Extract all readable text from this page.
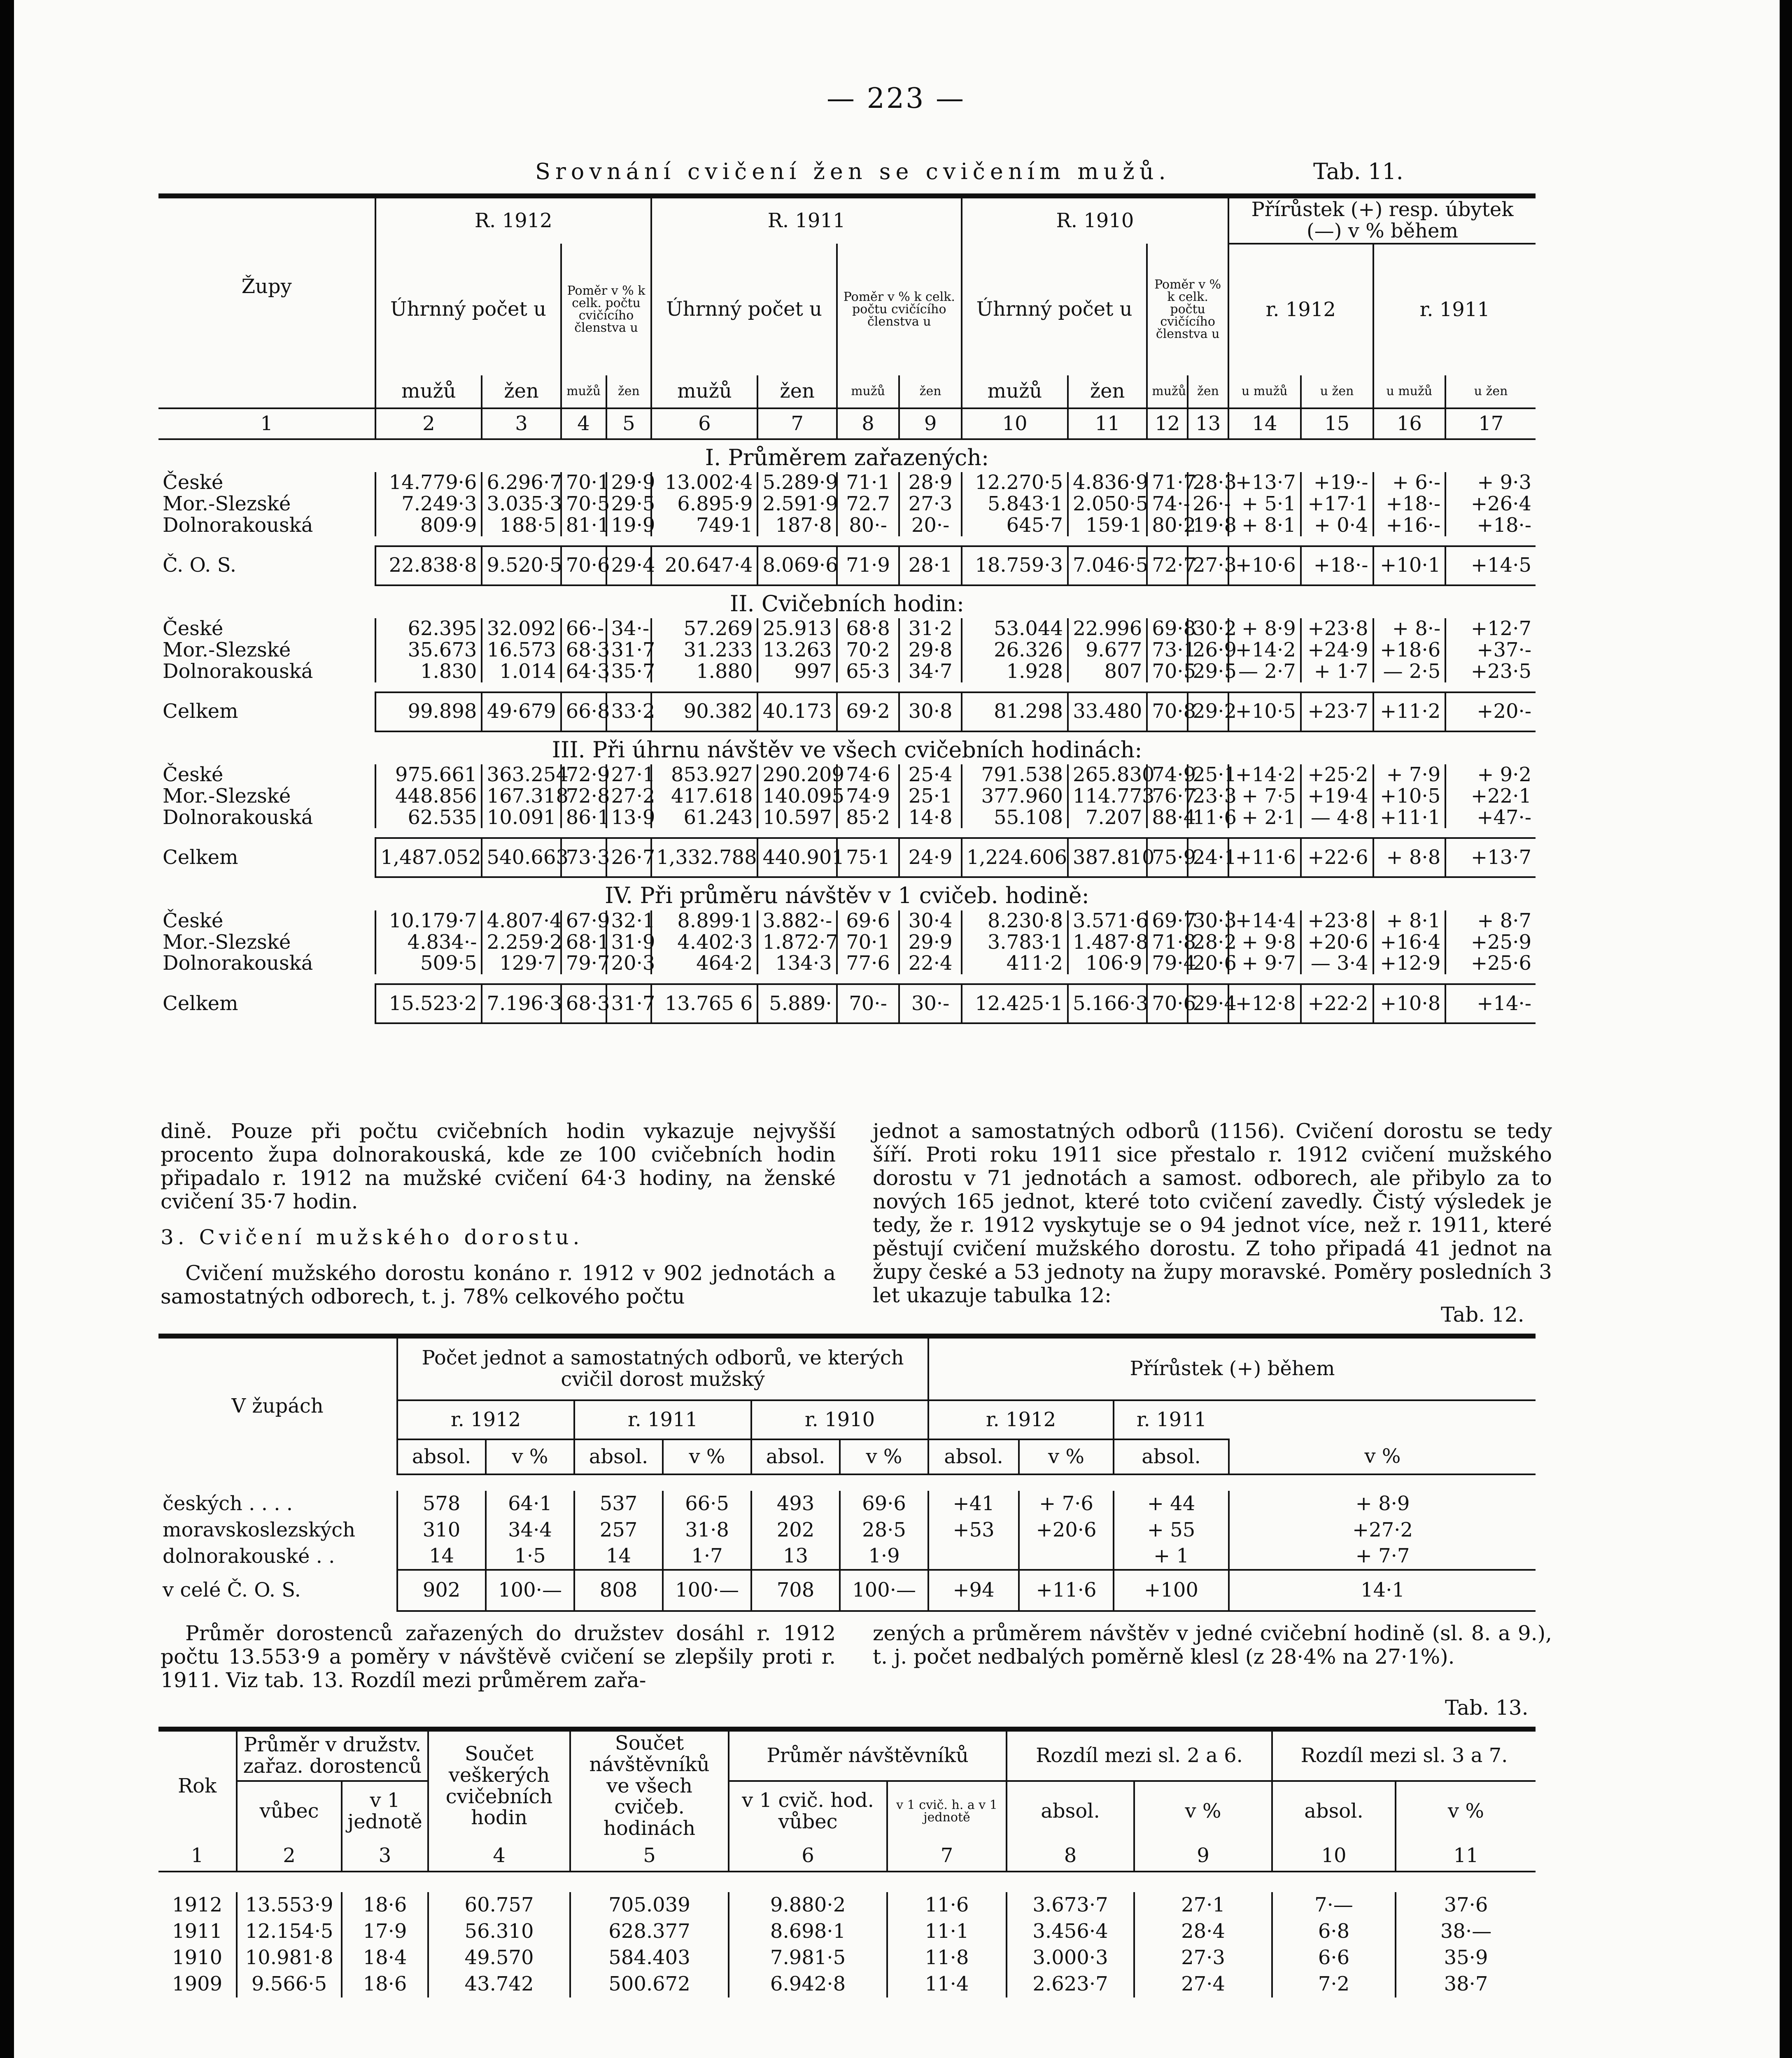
— 223 —
Srovnání cvičení žen se cvičením mužů.	Tab. 11.
Župy	R. 1912				R. 1911				R. 1910				Přírůstek (+) resp. úbytek (—) v % během			
	Úhrnný počet u		Poměr v % k celk. počtu cvičícího členstva u		Úhrnný počet u		Poměr v % k celk. počtu cvičícího členstva u		Úhrnný počet u		Poměr v % k celk. počtu cvičícího členstva u		r. 1912		r. 1911	
	mužů	žen	mužů	žen	mužů	žen	mužů	žen	mužů	žen	mužů	žen	u mužů	u žen	u mužů	u žen
1	2	3	4	5	6	7	8	9	10	11	12	13	14	15	16	17
I. Průměrem zařazených:																
České	14.779·6	6.296·7	70·1	29·9	13.002·4	5.289·9	71·1	28·9	12.270·5	4.836·9	71·7	28·3	+13·7	+19·-	+ 6·-	+ 9·3
Mor.-Slezské	7.249·3	3.035·3	70·5	29·5	6.895·9	2.591·9	72.7	27·3	5.843·1	2.050·5	74·-	26·-	+ 5·1	+17·1	+18·-	+26·4
Dolnorakouská	809·9	188·5	81·1	19·9	749·1	187·8	80·-	20·-	645·7	159·1	80·2	19·8	+ 8·1	+ 0·4	+16·-	+18·-

Č. O. S.	22.838·8	9.520·5	70·6	29·4	20.647·4	8.069·6	71·9	28·1	18.759·3	7.046·5	72·7	27·3	+10·6	+18·-	+10·1	+14·5
II. Cvičebních hodin:																
České	62.395	32.092	66·-	34·-	57.269	25.913	68·8	31·2	53.044	22.996	69·8	30·2	+ 8·9	+23·8	+ 8·-	+12·7
Mor.-Slezské	35.673	16.573	68·3	31·7	31.233	13.263	70·2	29·8	26.326	9.677	73·1	26·9	+14·2	+24·9	+18·6	+37·-
Dolnorakouská	1.830	1.014	64·3	35·7	1.880	997	65·3	34·7	1.928	807	70·5	29·5	— 2·7	+ 1·7	— 2·5	+23·5

Celkem	99.898	49·679	66·8	33·2	90.382	40.173	69·2	30·8	81.298	33.480	70·8	29·2	+10·5	+23·7	+11·2	+20·-
III. Při úhrnu návštěv ve všech cvičebních hodinách:																
České	975.661	363.254	72·9	27·1	853.927	290.209	74·6	25·4	791.538	265.830	74·9	25·1	+14·2	+25·2	+ 7·9	+ 9·2
Mor.-Slezské	448.856	167.318	72·8	27·2	417.618	140.095	74·9	25·1	377.960	114.773	76·7	23·3	+ 7·5	+19·4	+10·5	+22·1
Dolnorakouská	62.535	10.091	86·1	13·9	61.243	10.597	85·2	14·8	55.108	7.207	88·4	11·6	+ 2·1	— 4·8	+11·1	+47·-

Celkem	1,487.052	540.663	73·3	26·7	1,332.788	440.901	75·1	24·9	1,224.606	387.810	75·9	24·1	+11·6	+22·6	+ 8·8	+13·7
IV. Při průměru návštěv v 1 cvičeb. hodině:																
České	10.179·7	4.807·4	67·9	32·1	8.899·1	3.882·-	69·6	30·4	8.230·8	3.571·6	69·7	30·3	+14·4	+23·8	+ 8·1	+ 8·7
Mor.-Slezské	4.834·-	2.259·2	68·1	31·9	4.402·3	1.872·7	70·1	29·9	3.783·1	1.487·8	71·8	28·2	+ 9·8	+20·6	+16·4	+25·9
Dolnorakouská	509·5	129·7	79·7	20·3	464·2	134·3	77·6	22·4	411·2	106·9	79·4	20·6	+ 9·7	— 3·4	+12·9	+25·6

Celkem	15.523·2	7.196·3	68·3	31·7	13.765 6	5.889·	70·-	30·-	12.425·1	5.166·3	70·6	29·4	+12·8	+22·2	+10·8	+14·-

dině. Pouze při počtu cvičebních hodin vykazuje nejvyšší procento župa dolnorakouská, kde ze 100 cvičebních hodin připadalo r. 1912 na mužské cvičení 64·3 hodiny, na ženské cvičení 35·7 hodin.

3. Cvičení mužského dorostu.

Cvičení mužského dorostu konáno r. 1912 v 902 jednotách a samostatných odborech, t. j. 78% celkového počtu

jednot a samostatných odborů (1156). Cvičení dorostu se tedy šíří. Proti roku 1911 sice přestalo r. 1912 cvičení mužského dorostu v 71 jednotách a samost. odborech, ale přibylo za to nových 165 jednot, které toto cvičení zavedly. Čistý výsledek je tedy, že r. 1912 vyskytuje se o 94 jednot více, než r. 1911, které pěstují cvičení mužského dorostu. Z toho připadá 41 jednot na župy české a 53 jednoty na župy moravské. Poměry posledních 3 let ukazuje tabulka 12:

Tab. 12.
V župách	Počet jednot a samostatných odborů, ve kterých cvičil dorost mužský						Přírůstek (+) během			
	r. 1912		r. 1911		r. 1910		r. 1912		r. 1911	
	absol.	v %	absol.	v %	absol.	v %	absol.	v %	absol.	v %

českých . . . .	578	64·1	537	66·5	493	69·6	+41	+ 7·6	+ 44	+ 8·9
moravskoslezských	310	34·4	257	31·8	202	28·5	+53	+20·6	+ 55	+27·2
dolnorakouské . .	14	1·5	14	1·7	13	1·9			+ 1	+ 7·7
v celé Č. O. S.	902	100·—	808	100·—	708	100·—	+94	+11·6	+100	14·1

Průměr dorostenců zařazených do družstev dosáhl r. 1912 počtu 13.553·9 a poměry v návštěvě cvičení se zlepšily proti r. 1911. Viz tab. 13. Rozdíl mezi průměrem zařa-

zených a průměrem návštěv v jedné cvičební hodině (sl. 8. a 9.), t. j. počet nedbalých poměrně klesl (z 28·4% na 27·1%).

Tab. 13.
Rok	Průměr v družstv. zařaz. dorostenců		Součet veškerých cvičebních hodin	Součet návštěvníků ve všech cvičeb. hodinách	Průměr návštěvníků		Rozdíl mezi sl. 2 a 6.		Rozdíl mezi sl. 3 a 7.	
	vůbec	v 1 jednotě			v 1 cvič. hod. vůbec	v 1 cvič. h. a v 1 jednotě	absol.	v %	absol.	v %
1	2	3	4	5	6	7	8	9	10	11

1912	13.553·9	18·6	60.757	705.039	9.880·2	11·6	3.673·7	27·1	7·—	37·6
1911	12.154·5	17·9	56.310	628.377	8.698·1	11·1	3.456·4	28·4	6·8	38·—
1910	10.981·8	18·4	49.570	584.403	7.981·5	11·8	3.000·3	27·3	6·6	35·9
1909	9.566·5	18·6	43.742	500.672	6.942·8	11·4	2.623·7	27·4	7·2	38·7
